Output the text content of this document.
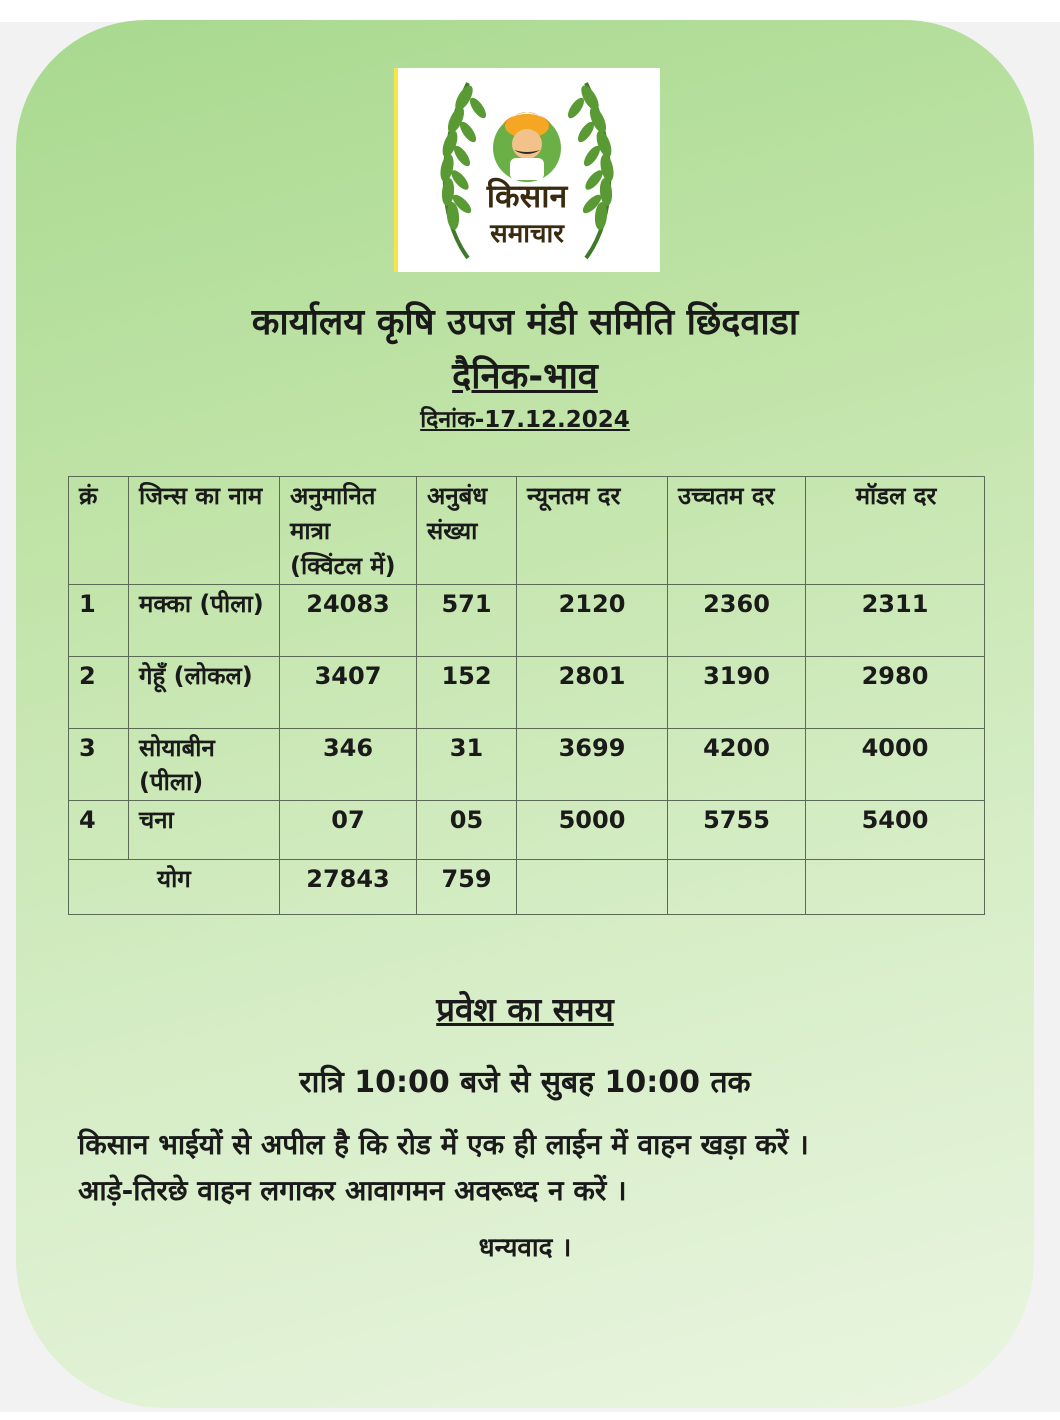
किसान
समाचार
कार्यालय कृषि उपज मंडी समिति छिंदवाडा
दैनिक-भाव
दिनांक-17.12.2024
क्रं	जिन्स का नाम	अनुमानित मात्रा (क्विंटल में)	अनुबंध संख्या	न्यूनतम दर	उच्चतम दर	मॉडल दर
1	मक्का (पीला)	24083	571	2120	2360	2311
2	गेहूँ (लोकल)	3407	152	2801	3190	2980
3	सोयाबीन (पीला)	346	31	3699	4200	4000
4	चना	07	05	5000	5755	5400
योग		27843	759			
प्रवेश का समय
रात्रि 10:00 बजे से सुबह 10:00 तक
किसान भाईयों से अपील है कि रोड में एक ही लाईन में वाहन खड़ा करें ।
आड़े-तिरछे वाहन लगाकर आवागमन अवरूध्द न करें ।
धन्यवाद ।
